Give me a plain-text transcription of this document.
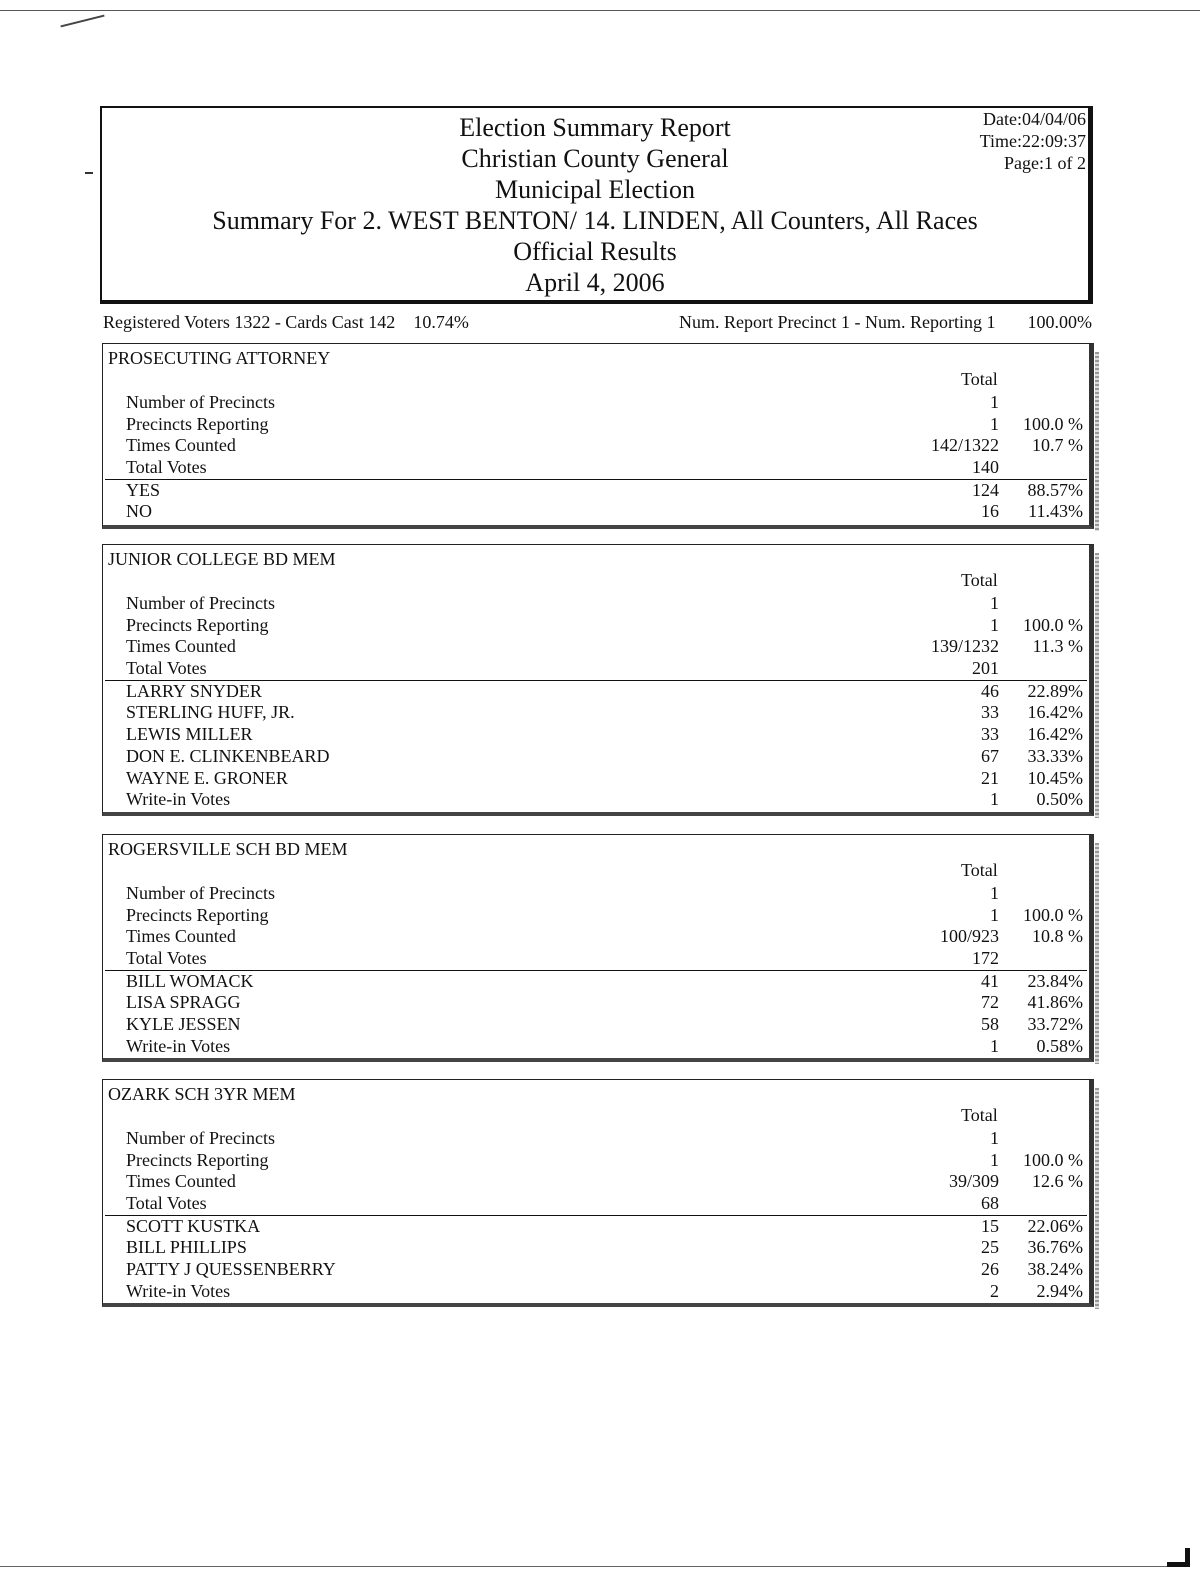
Election Summary Report
Christian County General
Municipal Election
Summary For 2. WEST BENTON/ 14. LINDEN, All Counters, All Races
Official Results
April 4, 2006
Date:04/04/06
Time:22:09:37
Page:1 of 2
Registered Voters 1322 - Cards Cast 142 10.74%	Num. Report Precinct 1 - Num. Reporting 1 100.00%
PROSECUTING ATTORNEY
Total
Number of Precincts	1
Precincts Reporting	1 100.0 %
Times Counted	142/1322 10.7 %
Total Votes	140
YES	124 88.57%
NO	16 11.43%
JUNIOR COLLEGE BD MEM
Total
Number of Precincts	1
Precincts Reporting	1 100.0 %
Times Counted	139/1232 11.3 %
Total Votes	201
LARRY SNYDER	46 22.89%
STERLING HUFF, JR.	33 16.42%
LEWIS MILLER	33 16.42%
DON E. CLINKENBEARD	67 33.33%
WAYNE E. GRONER	21 10.45%
Write-in Votes	1 0.50%
ROGERSVILLE SCH BD MEM
Total
Number of Precincts	1
Precincts Reporting	1 100.0 %
Times Counted	100/923 10.8 %
Total Votes	172
BILL WOMACK	41 23.84%
LISA SPRAGG	72 41.86%
KYLE JESSEN	58 33.72%
Write-in Votes	1 0.58%
OZARK SCH 3YR MEM
Total
Number of Precincts	1
Precincts Reporting	1 100.0 %
Times Counted	39/309 12.6 %
Total Votes	68
SCOTT KUSTKA	15 22.06%
BILL PHILLIPS	25 36.76%
PATTY J QUESSENBERRY	26 38.24%
Write-in Votes	2 2.94%
